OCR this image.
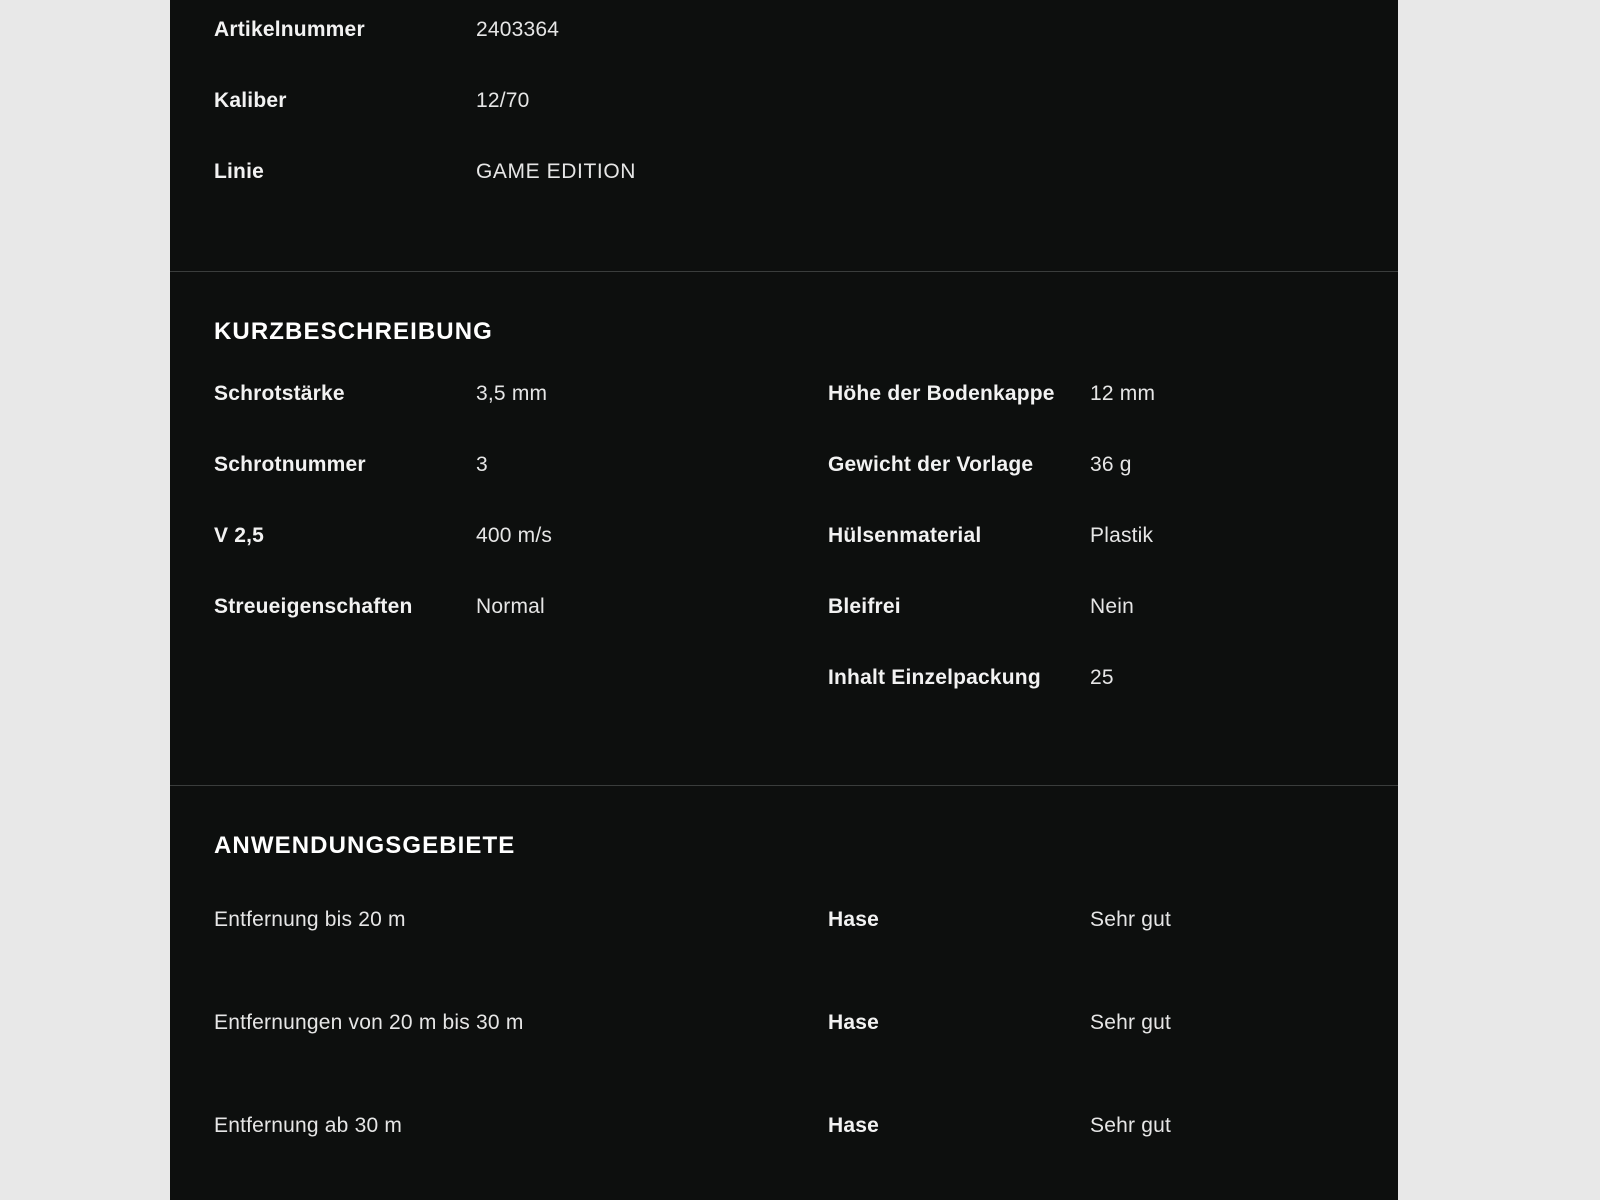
Artikelnummer	2403364
Kaliber	12/70
Linie	GAME EDITION
KURZBESCHREIBUNG
Schrotstärke	3,5 mm
Schrotnummer	3
V 2,5	400 m/s
Streueigenschaften	Normal
Höhe der Bodenkappe	12 mm
Gewicht der Vorlage	36 g
Hülsenmaterial	Plastik
Bleifrei	Nein
Inhalt Einzelpackung	25
ANWENDUNGSGEBIETE
Entfernung bis 20 m	Hase	Sehr gut
Entfernungen von 20 m bis 30 m	Hase	Sehr gut
Entfernung ab 30 m	Hase	Sehr gut
